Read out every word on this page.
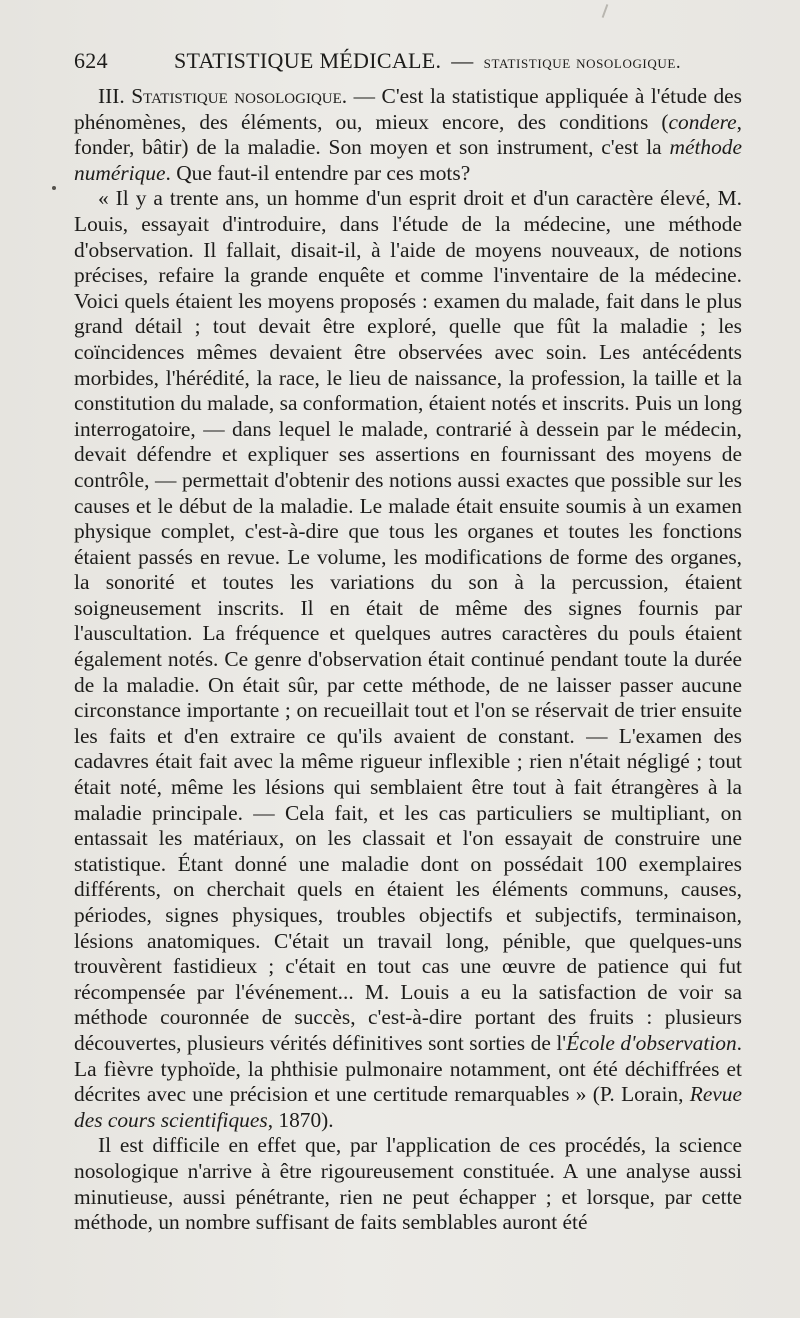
624	STATISTIQUE MÉDICALE. — statistique nosologique.

III. Statistique nosologique. — C'est la statistique appliquée à l'étude des phénomènes, des éléments, ou, mieux encore, des conditions (condere, fonder, bâtir) de la maladie. Son moyen et son instrument, c'est la méthode numérique. Que faut-il entendre par ces mots?

« Il y a trente ans, un homme d'un esprit droit et d'un caractère élevé, M. Louis, essayait d'introduire, dans l'étude de la médecine, une méthode d'observation. Il fallait, disait-il, à l'aide de moyens nouveaux, de notions précises, refaire la grande enquête et comme l'inventaire de la médecine. Voici quels étaient les moyens proposés : examen du malade, fait dans le plus grand détail ; tout devait être exploré, quelle que fût la maladie ; les coïncidences mêmes devaient être observées avec soin. Les antécédents morbides, l'hérédité, la race, le lieu de naissance, la profession, la taille et la constitution du malade, sa conformation, étaient notés et inscrits. Puis un long interrogatoire, — dans lequel le malade, contrarié à dessein par le médecin, devait défendre et expliquer ses assertions en fournissant des moyens de contrôle, — permettait d'obtenir des notions aussi exactes que possible sur les causes et le début de la maladie. Le malade était ensuite soumis à un examen physique complet, c'est-à-dire que tous les organes et toutes les fonctions étaient passés en revue. Le volume, les modifications de forme des organes, la sonorité et toutes les variations du son à la percussion, étaient soigneusement inscrits. Il en était de même des signes fournis par l'auscultation. La fréquence et quelques autres caractères du pouls étaient également notés. Ce genre d'observation était continué pendant toute la durée de la maladie. On était sûr, par cette méthode, de ne laisser passer aucune circonstance importante ; on recueillait tout et l'on se réservait de trier ensuite les faits et d'en extraire ce qu'ils avaient de constant. — L'examen des cadavres était fait avec la même rigueur inflexible ; rien n'était négligé ; tout était noté, même les lésions qui semblaient être tout à fait étrangères à la maladie principale. — Cela fait, et les cas particuliers se multipliant, on entassait les matériaux, on les classait et l'on essayait de construire une statistique. Étant donné une maladie dont on possédait 100 exemplaires différents, on cherchait quels en étaient les éléments communs, causes, périodes, signes physiques, troubles objectifs et subjectifs, terminaison, lésions anatomiques. C'était un travail long, pénible, que quelques-uns trouvèrent fastidieux ; c'était en tout cas une œuvre de patience qui fut récompensée par l'événement... M. Louis a eu la satisfaction de voir sa méthode couronnée de succès, c'est-à-dire portant des fruits : plusieurs découvertes, plusieurs vérités définitives sont sorties de l'École d'observation. La fièvre typhoïde, la phthisie pulmonaire notamment, ont été déchiffrées et décrites avec une précision et une certitude remarquables » (P. Lorain, Revue des cours scientifiques, 1870).

Il est difficile en effet que, par l'application de ces procédés, la science nosologique n'arrive à être rigoureusement constituée. A une analyse aussi minutieuse, aussi pénétrante, rien ne peut échapper ; et lorsque, par cette méthode, un nombre suffisant de faits semblables auront été
